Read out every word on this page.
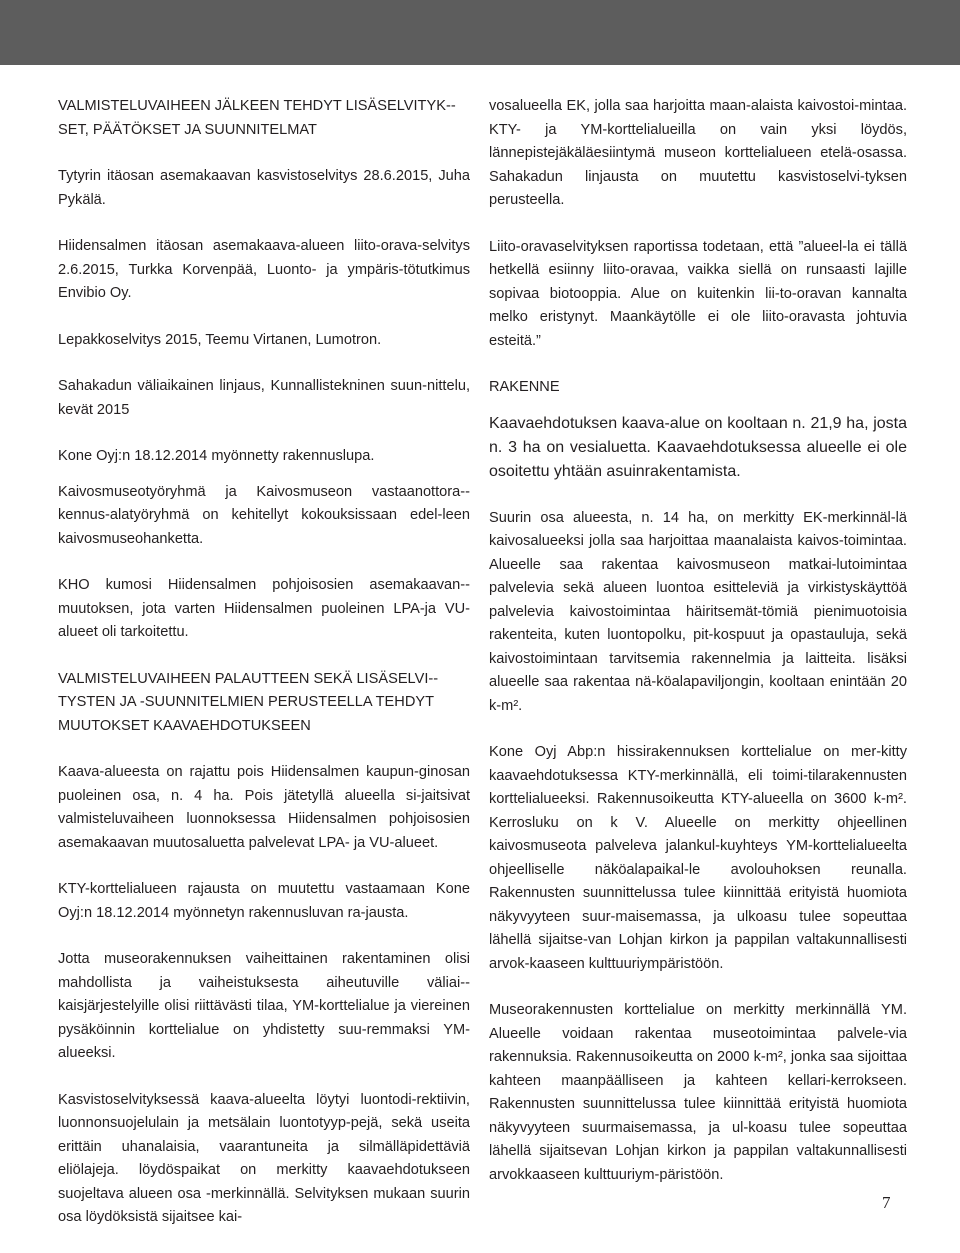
VALMISTELUVAIHEEN JÄLKEEN TEHDYT LISÄSELVITYK-SET, PÄÄTÖKSET JA SUUNNITELMAT

Tytyrin itäosan asemakaavan kasvistoselvitys 28.6.2015, Juha Pykälä.

Hiidensalmen itäosan asemakaava-alueen liito-orava-selvitys 2.6.2015, Turkka Korvenpää, Luonto- ja ympäris-tötutkimus Envibio Oy.

Lepakkoselvitys 2015, Teemu Virtanen, Lumotron.

Sahakadun väliaikainen linjaus, Kunnallistekninen suun-nittelu, kevät 2015

Kone Oyj:n 18.12.2014 myönnetty rakennuslupa.

Kaivosmuseotyöryhmä ja Kaivosmuseon vastaanottora-kennus-alatyöryhmä on kehitellyt kokouksissaan edel-leen kaivosmuseohanketta.

KHO kumosi Hiidensalmen pohjoisosien asemakaavan-muutoksen, jota varten Hiidensalmen puoleinen LPA-ja VU-alueet oli tarkoitettu.

VALMISTELUVAIHEEN PALAUTTEEN SEKÄ LISÄSELVI-TYSTEN JA -SUUNNITELMIEN PERUSTEELLA TEHDYT MUUTOKSET KAAVAEHDOTUKSEEN

Kaava-alueesta on rajattu pois Hiidensalmen kaupun-ginosan puoleinen osa, n. 4 ha. Pois jätetyllä alueella si-jaitsivat valmisteluvaiheen luonnoksessa Hiidensalmen pohjoisosien asemakaavan muutosaluetta palvelevat LPA- ja VU-alueet.

KTY-korttelialueen rajausta on muutettu vastaamaan Kone Oyj:n 18.12.2014 myönnetyn rakennusluvan ra-jausta.

Jotta museorakennuksen vaiheittainen rakentaminen olisi mahdollista ja vaiheistuksesta aiheutuville väliai-kaisjärjestelyille olisi riittävästi tilaa, YM-korttelialue ja viereinen pysäköinnin korttelialue on yhdistetty suu-remmaksi YM-alueeksi.

Kasvistoselvityksessä kaava-alueelta löytyi luontodi-rektiivin, luonnonsuojelulain ja metsälain luontotyyp-pejä, sekä useita erittäin uhanalaisia, vaarantuneita ja silmälläpidettäviä eliölajeja. löydöspaikat on merkitty kaavaehdotukseen suojeltava alueen osa -merkinnällä. Selvityksen mukaan suurin osa löydöksistä sijaitsee kai-

vosalueella EK, jolla saa harjoitta maan-alaista kaivostoi-mintaa. KTY- ja YM-korttelialueilla on vain yksi löydös, lännepistejäkäläesiintymä museon korttelialueen etelä-osassa. Sahakadun linjausta on muutettu kasvistoselvi-tyksen perusteella.

Liito-oravaselvityksen raportissa todetaan, että ”alueel-la ei tällä hetkellä esiinny liito-oravaa, vaikka siellä on runsaasti lajille sopivaa biotooppia. Alue on kuitenkin lii-to-oravan kannalta melko eristynyt. Maankäytölle ei ole liito-oravasta johtuvia esteitä.”

RAKENNE

Kaavaehdotuksen kaava-alue on kooltaan n. 21,9 ha, josta n. 3 ha on vesialuetta. Kaavaehdotuksessa alueelle ei ole osoitettu yhtään asuinrakentamista.

Suurin osa alueesta, n. 14 ha, on merkitty EK-merkinnäl-lä kaivosalueeksi jolla saa harjoittaa maanalaista kaivos-toimintaa. Alueelle saa rakentaa kaivosmuseon matkai-lutoimintaa palvelevia sekä alueen luontoa esitteleviä ja virkistyskäyttöä palvelevia kaivostoimintaa häiritsemät-tömiä pienimuotoisia rakenteita, kuten luontopolku, pit-kospuut ja opastauluja, sekä kaivostoimintaan tarvitsemia rakennelmia ja laitteita. lisäksi alueelle saa rakentaa nä-köalapaviljongin, kooltaan enintään 20 k-m².

Kone Oyj Abp:n hissirakennuksen korttelialue on mer-kitty kaavaehdotuksessa KTY-merkinnällä, eli toimi-tilarakennusten korttelialueeksi. Rakennusoikeutta KTY-alueella on 3600 k-m². Kerrosluku on k V. Alueelle on merkitty ohjeellinen kaivosmuseota palveleva jalankul-kuyhteys YM-korttelialueelta ohjeelliselle näköalapaikal-le avolouhoksen reunalla. Rakennusten suunnittelussa tulee kiinnittää erityistä huomiota näkyvyyteen suur-maisemassa, ja ulkoasu tulee sopeuttaa lähellä sijaitse-van Lohjan kirkon ja pappilan valtakunnallisesti arvok-kaaseen kulttuuriympäristöön.

Museorakennusten korttelialue on merkitty merkinnällä YM. Alueelle voidaan rakentaa museotoimintaa palvele-via rakennuksia. Rakennusoikeutta on 2000 k-m², jonka saa sijoittaa kahteen maanpäälliseen ja kahteen kellari-kerrokseen. Rakennusten suunnittelussa tulee kiinnittää erityistä huomiota näkyvyyteen suurmaisemassa, ja ul-koasu tulee sopeuttaa lähellä sijaitsevan Lohjan kirkon ja pappilan valtakunnallisesti arvokkaaseen kulttuuriym-päristöön.

7
